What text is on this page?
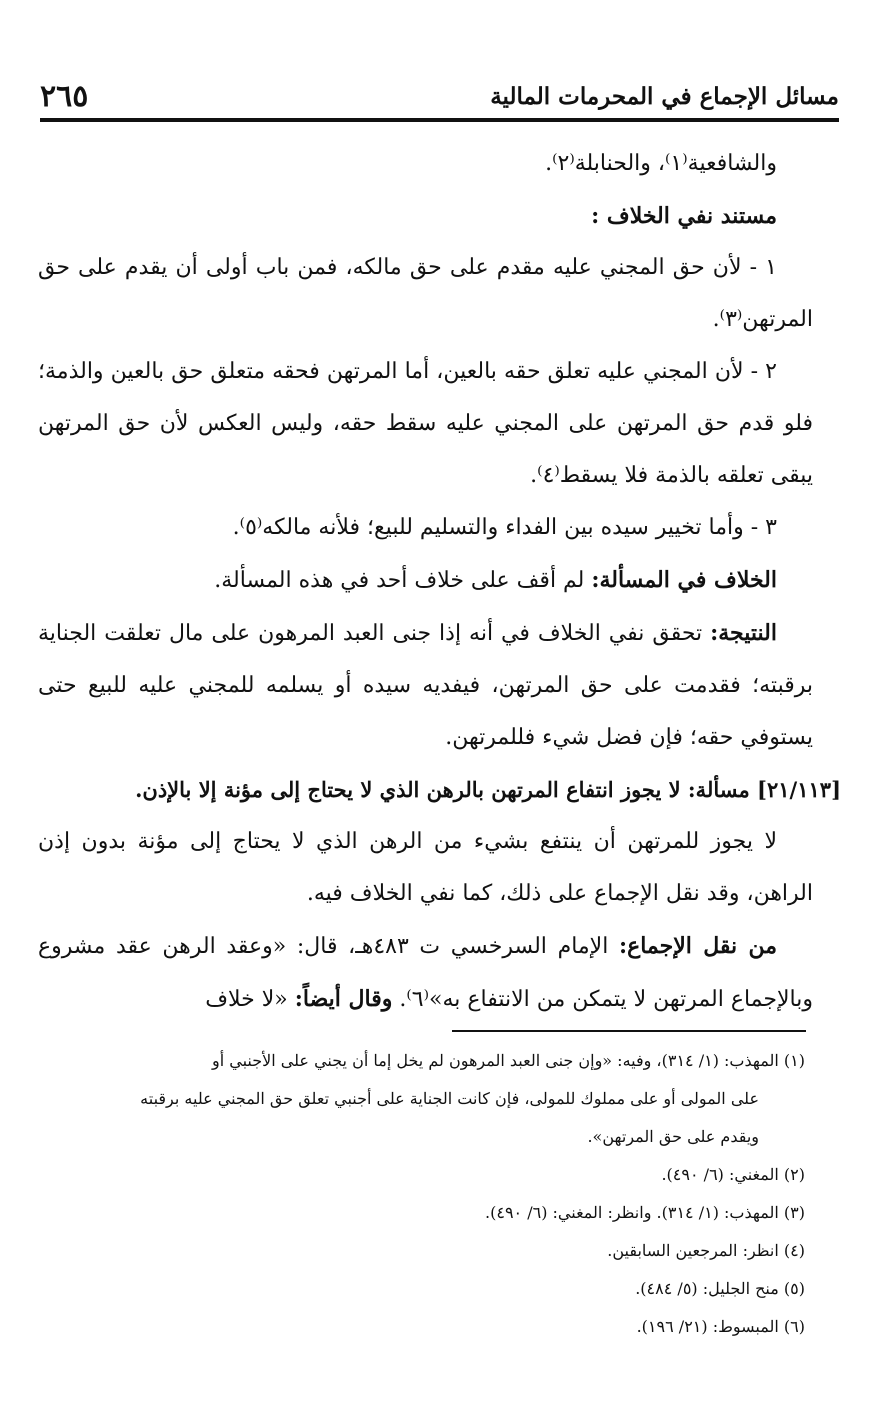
٢٦٥	مسائل الإجماع في المحرمات المالية

والشافعية⁽١⁾، والحنابلة⁽٢⁾.

مستند نفي الخلاف :

١ - لأن حق المجني عليه مقدم على حق مالكه، فمن باب أولى أن يقدم على حق المرتهن⁽٣⁾.

٢ - لأن المجني عليه تعلق حقه بالعين، أما المرتهن فحقه متعلق حق بالعين والذمة؛ فلو قدم حق المرتهن على المجني عليه سقط حقه، وليس العكس لأن حق المرتهن يبقى تعلقه بالذمة فلا يسقط⁽٤⁾.

٣ - وأما تخيير سيده بين الفداء والتسليم للبيع؛ فلأنه مالكه⁽٥⁾.

الخلاف في المسألة: لم أقف على خلاف أحد في هذه المسألة.

النتيجة: تحقق نفي الخلاف في أنه إذا جنى العبد المرهون على مال تعلقت الجناية برقبته؛ فقدمت على حق المرتهن، فيفديه سيده أو يسلمه للمجني عليه للبيع حتى يستوفي حقه؛ فإن فضل شيء فللمرتهن.

[٢١/١١٣] مسألة: لا يجوز انتفاع المرتهن بالرهن الذي لا يحتاج إلى مؤنة إلا بالإذن.

لا يجوز للمرتهن أن ينتفع بشيء من الرهن الذي لا يحتاج إلى مؤنة بدون إذن الراهن، وقد نقل الإجماع على ذلك، كما نفي الخلاف فيه.

من نقل الإجماع: الإمام السرخسي ت ٤٨٣هـ، قال: «وعقد الرهن عقد مشروع وبالإجماع المرتهن لا يتمكن من الانتفاع به»⁽٦⁾. وقال أيضاً: «لا خلاف

(١) المهذب: (١/ ٣١٤)، وفيه: «وإن جنى العبد المرهون لم يخل إما أن يجني على الأجنبي أو

على المولى أو على مملوك للمولى، فإن كانت الجناية على أجنبي تعلق حق المجني عليه برقبته

ويقدم على حق المرتهن».

(٢) المغني: (٦/ ٤٩٠).

(٣) المهذب: (١/ ٣١٤). وانظر: المغني: (٦/ ٤٩٠).

(٤) انظر: المرجعين السابقين.

(٥) منح الجليل: (٥/ ٤٨٤).

(٦) المبسوط: (٢١/ ١٩٦).
